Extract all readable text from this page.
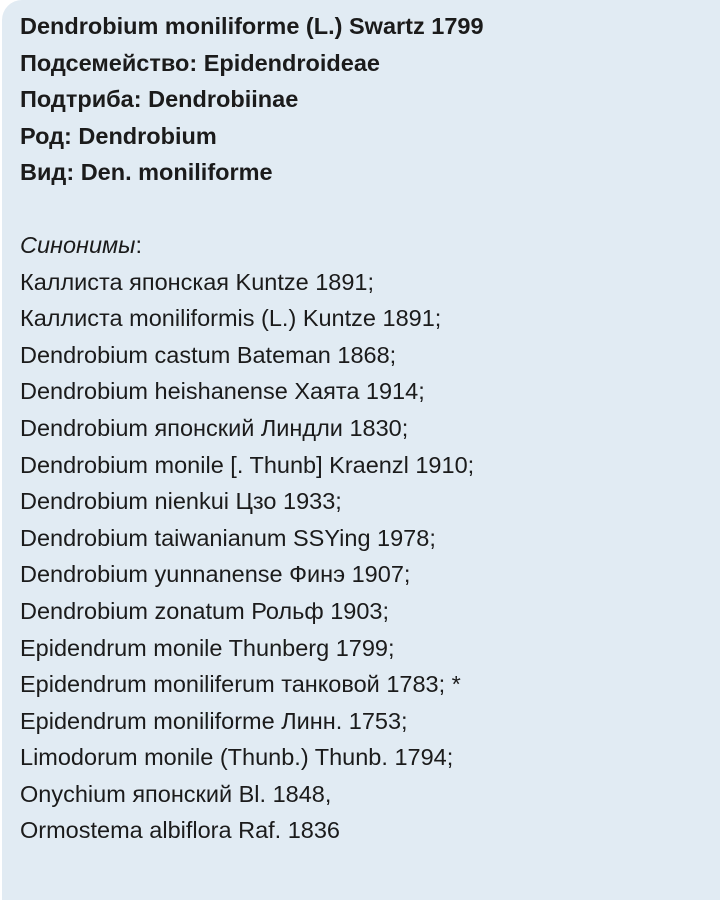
Dendrobium moniliforme (L.) Swartz 1799
Подсемейство: Epidendroideae
Подтриба: Dendrobiinae
Род: Dendrobium
Вид: Den. moniliforme
Синонимы:
Каллиста японская Kuntze 1891;
Каллиста moniliformis (L.) Kuntze 1891;
Dendrobium castum Bateman 1868;
Dendrobium heishanense Хаята 1914;
Dendrobium японский Линдли 1830;
Dendrobium monile [. Thunb] Kraenzl 1910;
Dendrobium nienkui Цзо 1933;
Dendrobium taiwanianum SSYing 1978;
Dendrobium yunnanense Финэ 1907;
Dendrobium zonatum Рольф 1903;
Epidendrum monile Thunberg 1799;
Epidendrum moniliferum танковой 1783; *
Epidendrum moniliforme Линн. 1753;
Limodorum monile (Thunb.) Thunb. 1794;
Onychium японский Bl. 1848,
Ormostema albiflora Raf. 1836
